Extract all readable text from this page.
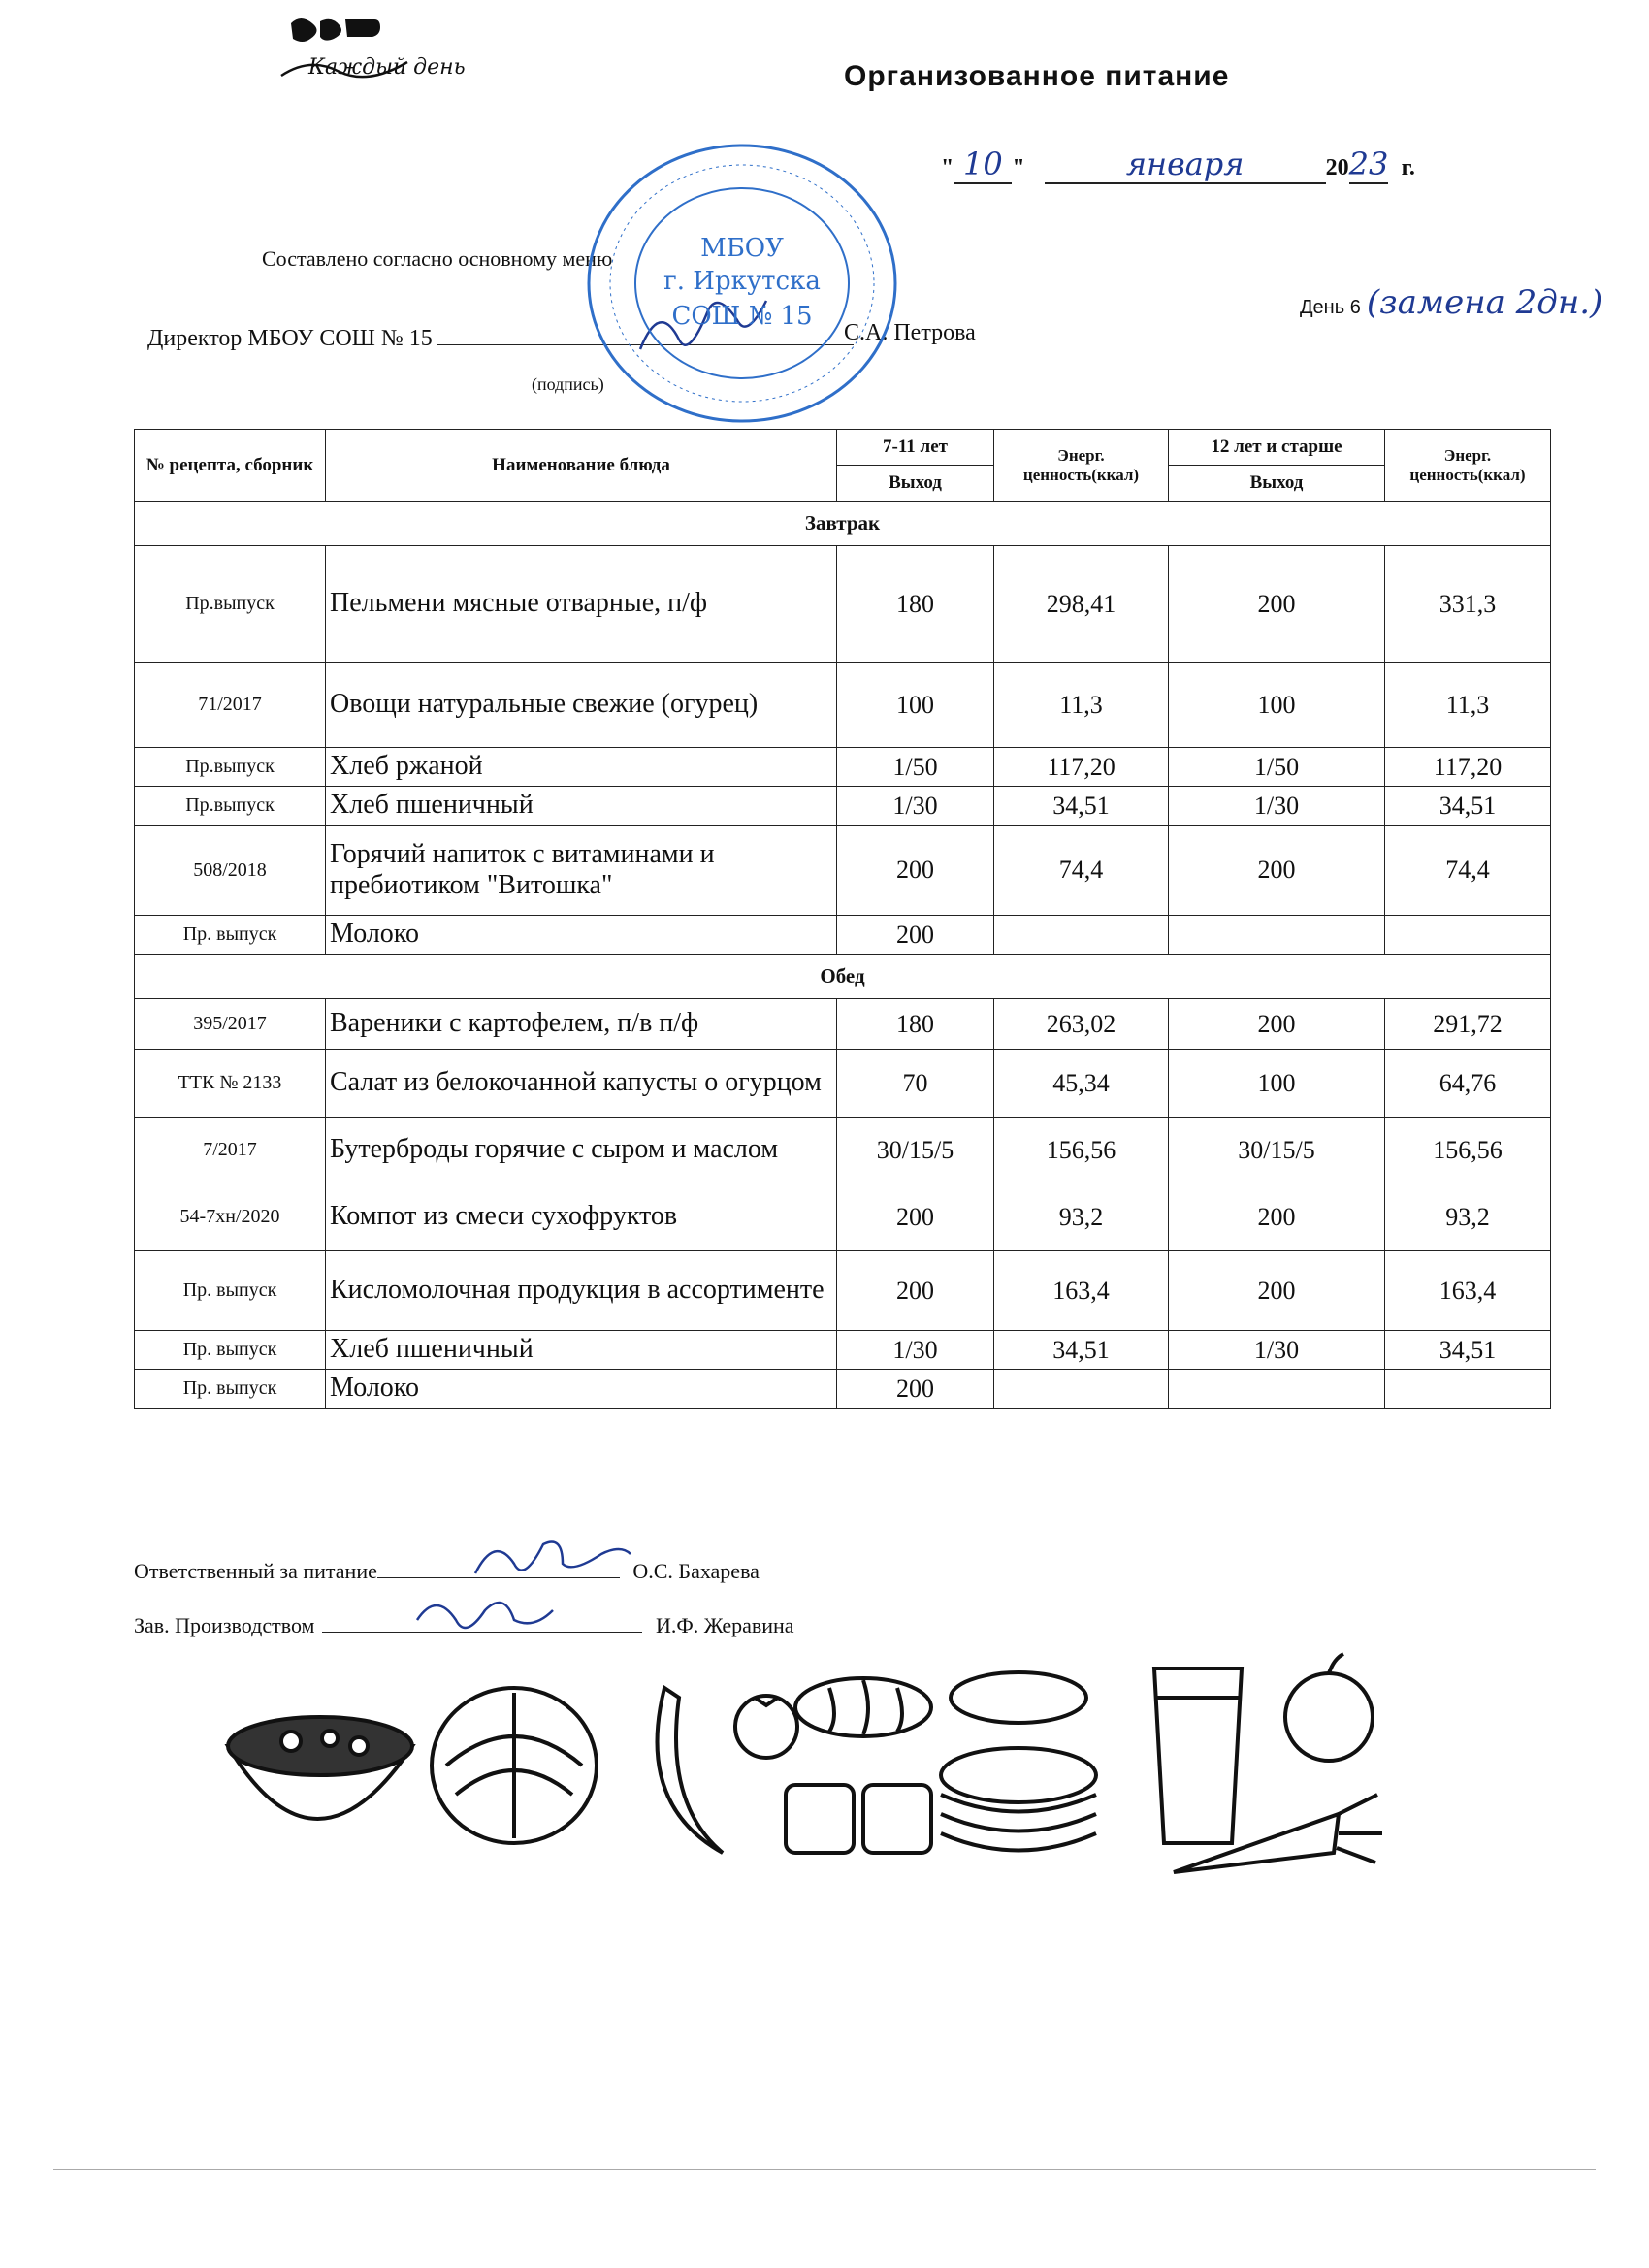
Каждый день	Организованное питание
" 10 "	января	2023 г.
Составлено согласно основному меню
День 6 (замена 2дн.)
Директор МБОУ СОШ № 15	С.А. Петрова
(подпись)
МБОУ
г. Иркутска
СОШ № 15
№ рецепта, сборник	Наименование блюда	7-11 лет	Энерг. ценность(ккал)	12 лет и старше	Энерг. ценность(ккал)
		Выход		Выход	
Завтрак					
Пр.выпуск	Пельмени мясные отварные, п/ф	180	298,41	200	331,3
71/2017	Овощи натуральные свежие (огурец)	100	11,3	100	11,3
Пр.выпуск	Хлеб ржаной	1/50	117,20	1/50	117,20
Пр.выпуск	Хлеб пшеничный	1/30	34,51	1/30	34,51
508/2018	Горячий напиток с витаминами и пребиотиком "Витошка"	200	74,4	200	74,4
Пр. выпуск	Молоко	200			
Обед					
395/2017	Вареники с картофелем, п/в п/ф	180	263,02	200	291,72
ТТК № 2133	Салат из белокочанной капусты о огурцом	70	45,34	100	64,76
7/2017	Бутерброды горячие с сыром и маслом	30/15/5	156,56	30/15/5	156,56
54-7хн/2020	Компот из смеси сухофруктов	200	93,2	200	93,2
Пр. выпуск	Кисломолочная продукция в ассортименте	200	163,4	200	163,4
Пр. выпуск	Хлеб пшеничный	1/30	34,51	1/30	34,51
Пр. выпуск	Молоко	200			
Ответственный за питание	О.С. Бахарева
Зав. Производством	И.Ф. Жеравина
